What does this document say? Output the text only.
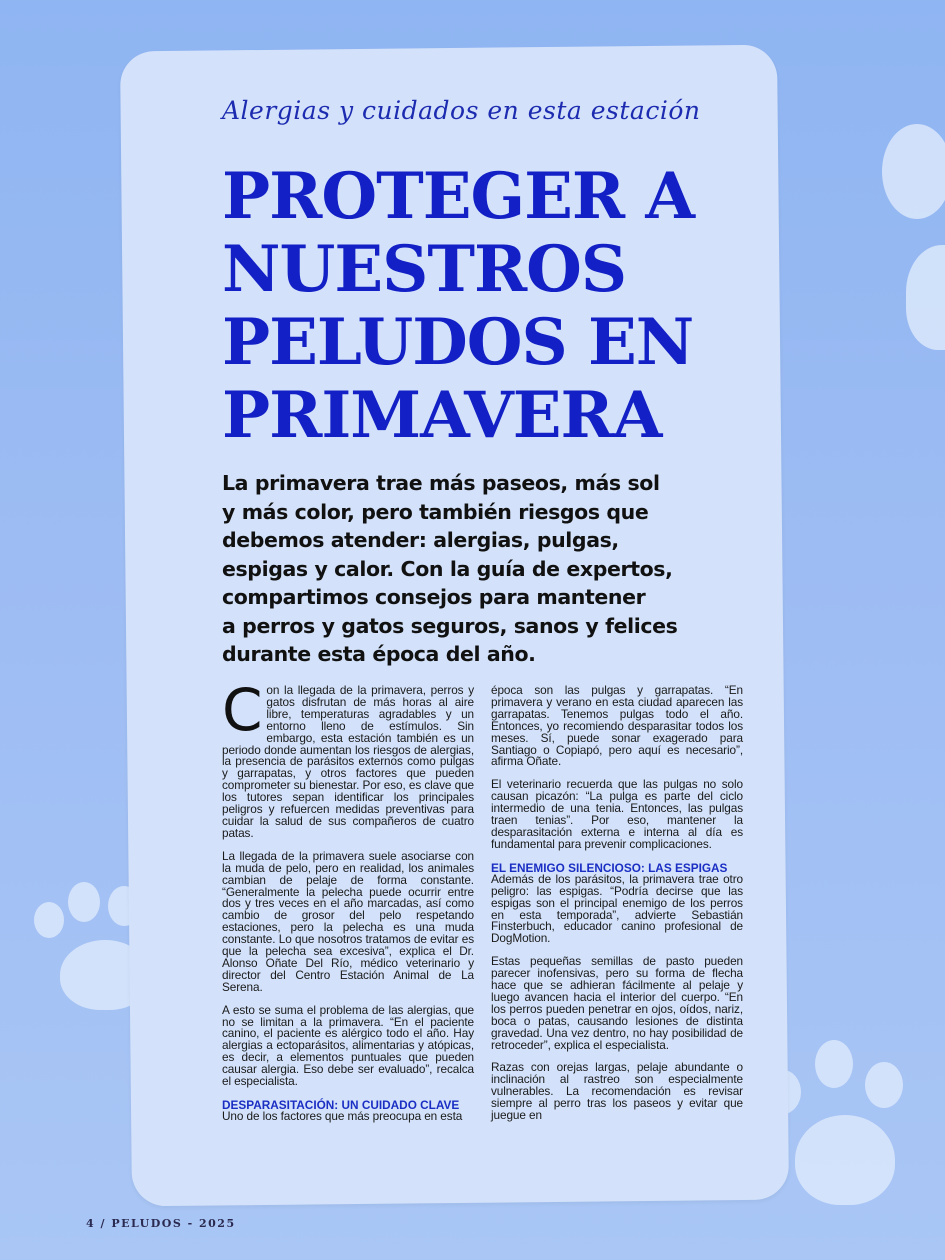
Alergias y cuidados en esta estación
PROTEGER A
NUESTROS
PELUDOS EN
PRIMAVERA
La primavera trae más paseos, más sol
y más color, pero también riesgos que
debemos atender: alergias, pulgas,
espigas y calor. Con la guía de expertos,
compartimos consejos para mantener
a perros y gatos seguros, sanos y felices
durante esta época del año.

Con la llegada de la primavera, perros y gatos disfrutan de más horas al aire libre, temperaturas agradables y un entorno lleno de estímulos. Sin embargo, esta estación también es un periodo donde aumentan los riesgos de alergias, la presencia de parásitos externos como pulgas y garrapatas, y otros factores que pueden comprometer su bienestar. Por eso, es clave que los tutores sepan identificar los principales peligros y refuercen medidas preventivas para cuidar la salud de sus compañeros de cuatro patas.

La llegada de la primavera suele asociarse con la muda de pelo, pero en realidad, los animales cambian de pelaje de forma constante. “Generalmente la pelecha puede ocurrir entre dos y tres veces en el año marcadas, así como cambio de grosor del pelo respetando estaciones, pero la pelecha es una muda constante. Lo que nosotros tratamos de evitar es que la pelecha sea excesiva”, explica el Dr. Alonso Oñate Del Río, médico veterinario y director del Centro Estación Animal de La Serena.

A esto se suma el problema de las alergias, que no se limitan a la primavera. “En el paciente canino, el paciente es alérgico todo el año. Hay alergias a ectoparásitos, alimentarias y atópicas, es decir, a elementos puntuales que pueden causar alergia. Eso debe ser evaluado”, recalca el especialista.

DESPARASITACIÓN: UN CUIDADO CLAVE

Uno de los factores que más preocupa en esta

época son las pulgas y garrapatas. “En primavera y verano en esta ciudad aparecen las garrapatas. Tenemos pulgas todo el año. Entonces, yo recomiendo desparasitar todos los meses. Sí, puede sonar exagerado para Santiago o Copiapó, pero aquí es necesario”, afirma Oñate.

El veterinario recuerda que las pulgas no solo causan picazón: “La pulga es parte del ciclo intermedio de una tenia. Entonces, las pulgas traen tenias”. Por eso, mantener la desparasitación externa e interna al día es fundamental para prevenir complicaciones.

EL ENEMIGO SILENCIOSO: LAS ESPIGAS

Además de los parásitos, la primavera trae otro peligro: las espigas. “Podría decirse que las espigas son el principal enemigo de los perros en esta temporada”, advierte Sebastián Finsterbuch, educador canino profesional de DogMotion.

Estas pequeñas semillas de pasto pueden parecer inofensivas, pero su forma de flecha hace que se adhieran fácilmente al pelaje y luego avancen hacia el interior del cuerpo. “En los perros pueden penetrar en ojos, oídos, nariz, boca o patas, causando lesiones de distinta gravedad. Una vez dentro, no hay posibilidad de retroceder”, explica el especialista.

Razas con orejas largas, pelaje abundante o inclinación al rastreo son especialmente vulnerables. La recomendación es revisar siempre al perro tras los paseos y evitar que juegue en

4 / PELUDOS - 2025
